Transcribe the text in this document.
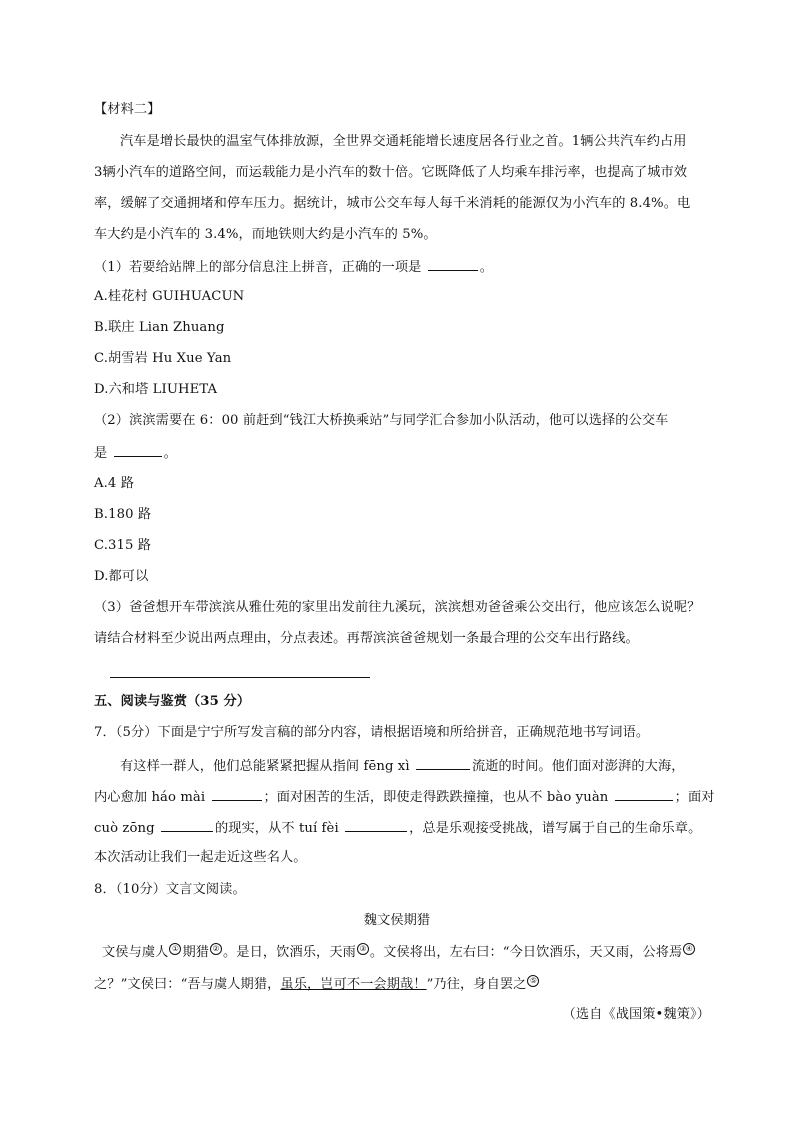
【材料二】
汽车是增长最快的温室气体排放源，全世界交通耗能增长速度居各行业之首。1辆公共汽车约占用
3辆小汽车的道路空间，而运载能力是小汽车的数十倍。它既降低了人均乘车排污率，也提高了城市效
率，缓解了交通拥堵和停车压力。据统计，城市公交车每人每千米消耗的能源仅为小汽车的 8.4%。电
车大约是小汽车的 3.4%，而地铁则大约是小汽车的 5%。
（1）若要给站牌上的部分信息注上拼音，正确的一项是	。
A.桂花村 GUIHUACUN
B.联庄 Lian Zhuang
C.胡雪岩 Hu Xue Yan
D.六和塔 LIUHETA
（2）滨滨需要在 6：00 前赶到“钱江大桥换乘站”与同学汇合参加小队活动，他可以选择的公交车
是	。
A.4 路
B.180 路
C.315 路
D.都可以
（3）爸爸想开车带滨滨从雅仕苑的家里出发前往九溪玩，滨滨想劝爸爸乘公交出行，他应该怎么说呢？
请结合材料至少说出两点理由，分点表述。再帮滨滨爸爸规划一条最合理的公交车出行路线。
五、阅读与鉴赏（35 分）
7．（5分）下面是宁宁所写发言稿的部分内容，请根据语境和所给拼音，正确规范地书写词语。
有这样一群人，他们总能紧紧把握从指间 fēng xì	流逝的时间。他们面对澎湃的大海，
内心愈加 háo mài	；面对困苦的生活，即使走得跌跌撞撞，也从不 bào yuàn	；面对
cuò zōng	的现实，从不 tuí fèi	，总是乐观接受挑战，谱写属于自己的生命乐章。
本次活动让我们一起走近这些名人。
8．（10分）文言文阅读。
魏文侯期猎
文侯与虞人 ① 期猎 ② 。是日，饮酒乐，天雨 ③ 。文侯将出，左右曰：“今日饮酒乐，天又雨，公将焉 ④
之？”文侯曰：“吾与虞人期猎，虽乐，岂可不一会期哉！”乃往，身自罢之 ⑤
（选自《战国策•魏策》）
